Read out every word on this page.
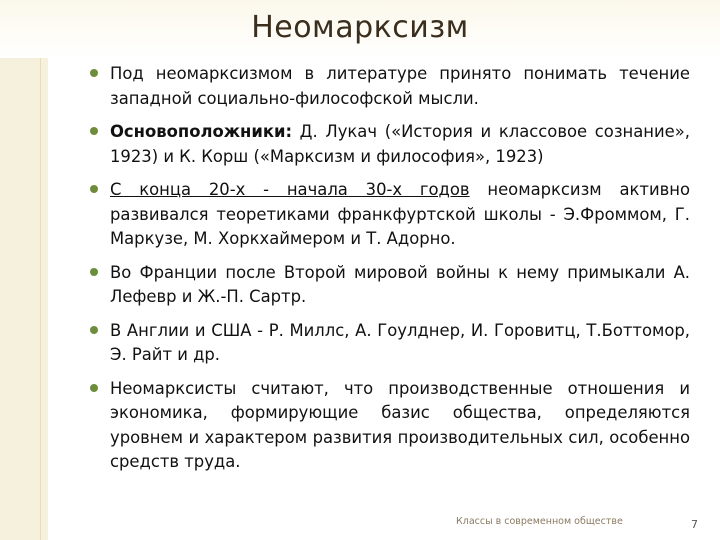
Неомарксизм
Под неомарксизмом в литературе принято понимать течение западной социально-философской мысли.
Основоположники: Д. Лукач («История и классовое сознание», 1923) и К. Корш («Марксизм и философия», 1923)
С конца 20-х - начала 30-х годов неомарксизм активно развивался теоретиками франкфуртской школы - Э.Фроммом, Г. Маркузе, М. Хоркхаймером и Т. Адорно.
Во Франции после Второй мировой войны к нему примыкали А. Лефевр и Ж.-П. Сартр.
В Англии и США - Р. Миллс, А. Гоулднер, И. Горовитц, Т.Боттомор, Э. Райт и др.
Неомарксисты считают, что производственные отношения и экономика, формирующие базис общества, определяются уровнем и характером развития производительных сил, особенно средств труда.
Классы в современном обществе	7
